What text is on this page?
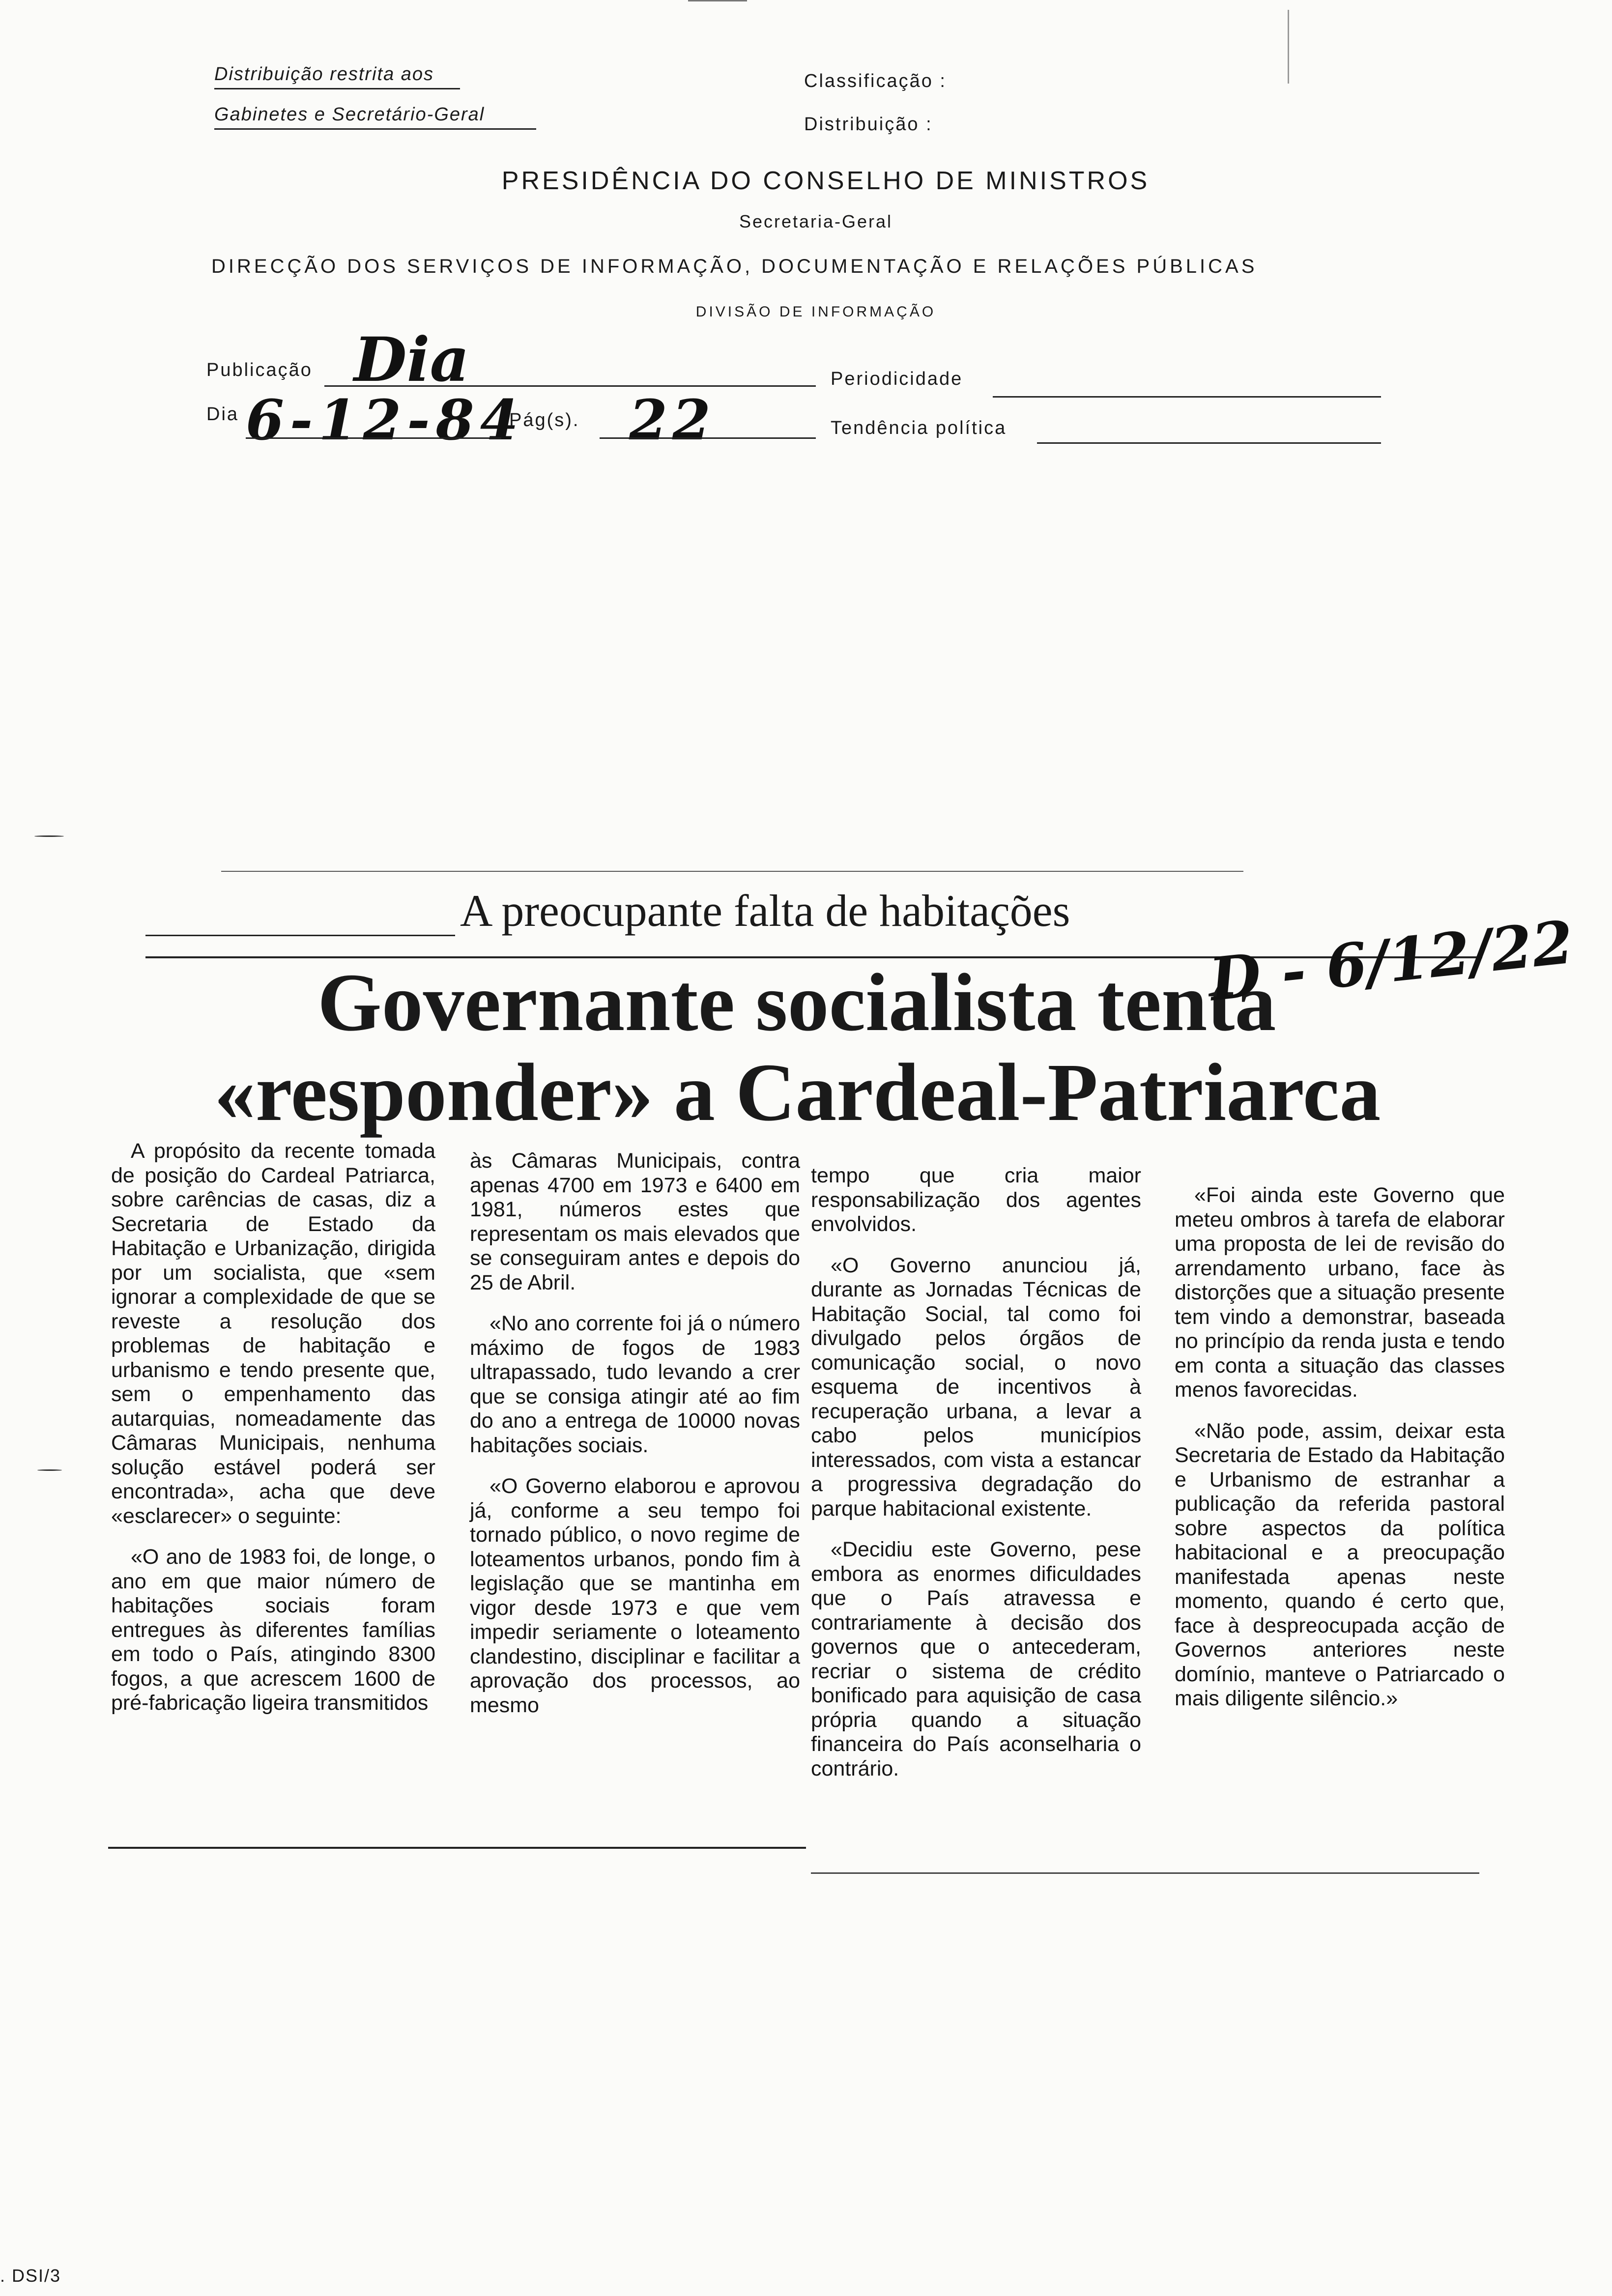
Distribuição restrita aos
Gabinetes e Secretário-Geral
Classificação :
Distribuição :
PRESIDÊNCIA DO CONSELHO DE MINISTROS
Secretaria-Geral
DIRECÇÃO DOS SERVIÇOS DE INFORMAÇÃO, DOCUMENTAÇÃO E RELAÇÕES PÚBLICAS
DIVISÃO DE INFORMAÇÃO
Publicação Dia	Periodicidade
Dia 6-12-84
Pág(s). 22	Tendência política
A preocupante falta de habitações
Governante socialista tenta
«responder» a Cardeal-Patriarca
D - 6/12/22

A propósito da recente tomada de posição do Cardeal Patriarca, sobre carências de casas, diz a Secretaria de Estado da Habitação e Urbanização, dirigida por um socialista, que «sem ignorar a complexidade de que se reveste a resolução dos problemas de habitação e urbanismo e tendo presente que, sem o empenhamento das autarquias, nomeadamente das Câmaras Municipais, nenhuma solução estável poderá ser encontrada», acha que deve «esclarecer» o seguinte:

«O ano de 1983 foi, de longe, o ano em que maior número de habitações sociais foram entregues às diferentes famílias em todo o País, atingindo 8300 fogos, a que acrescem 1600 de pré-fabricação ligeira transmitidos

às Câmaras Municipais, contra apenas 4700 em 1973 e 6400 em 1981, números estes que representam os mais elevados que se conseguiram antes e depois do 25 de Abril.

«No ano corrente foi já o número máximo de fogos de 1983 ultrapassado, tudo levando a crer que se consiga atingir até ao fim do ano a entrega de 10000 novas habitações sociais.

«O Governo elaborou e aprovou já, conforme a seu tempo foi tornado público, o novo regime de loteamentos urbanos, pondo fim à legislação que se mantinha em vigor desde 1973 e que vem impedir seriamente o loteamento clandestino, disciplinar e facilitar a aprovação dos processos, ao mesmo

tempo que cria maior responsabilização dos agentes envolvidos.

«O Governo anunciou já, durante as Jornadas Técnicas de Habitação Social, tal como foi divulgado pelos órgãos de comunicação social, o novo esquema de incentivos à recuperação urbana, a levar a cabo pelos municípios interessados, com vista a estancar a progressiva degradação do parque habitacional existente.

«Decidiu este Governo, pese embora as enormes dificuldades que o País atravessa e contrariamente à decisão dos governos que o antecederam, recriar o sistema de crédito bonificado para aquisição de casa própria quando a situação financeira do País aconselharia o contrário.

«Foi ainda este Governo que meteu ombros à tarefa de elaborar uma proposta de lei de revisão do arrendamento urbano, face às distorções que a situação presente tem vindo a demonstrar, baseada no princípio da renda justa e tendo em conta a situação das classes menos favorecidas.

«Não pode, assim, deixar esta Secretaria de Estado da Habitação e Urbanismo de estranhar a publicação da referida pastoral sobre aspectos da política habitacional e a preocupação manifestada apenas neste momento, quando é certo que, face à despreocupada acção de Governos anteriores neste domínio, manteve o Patriarcado o mais diligente silêncio.»

. DSI/3
